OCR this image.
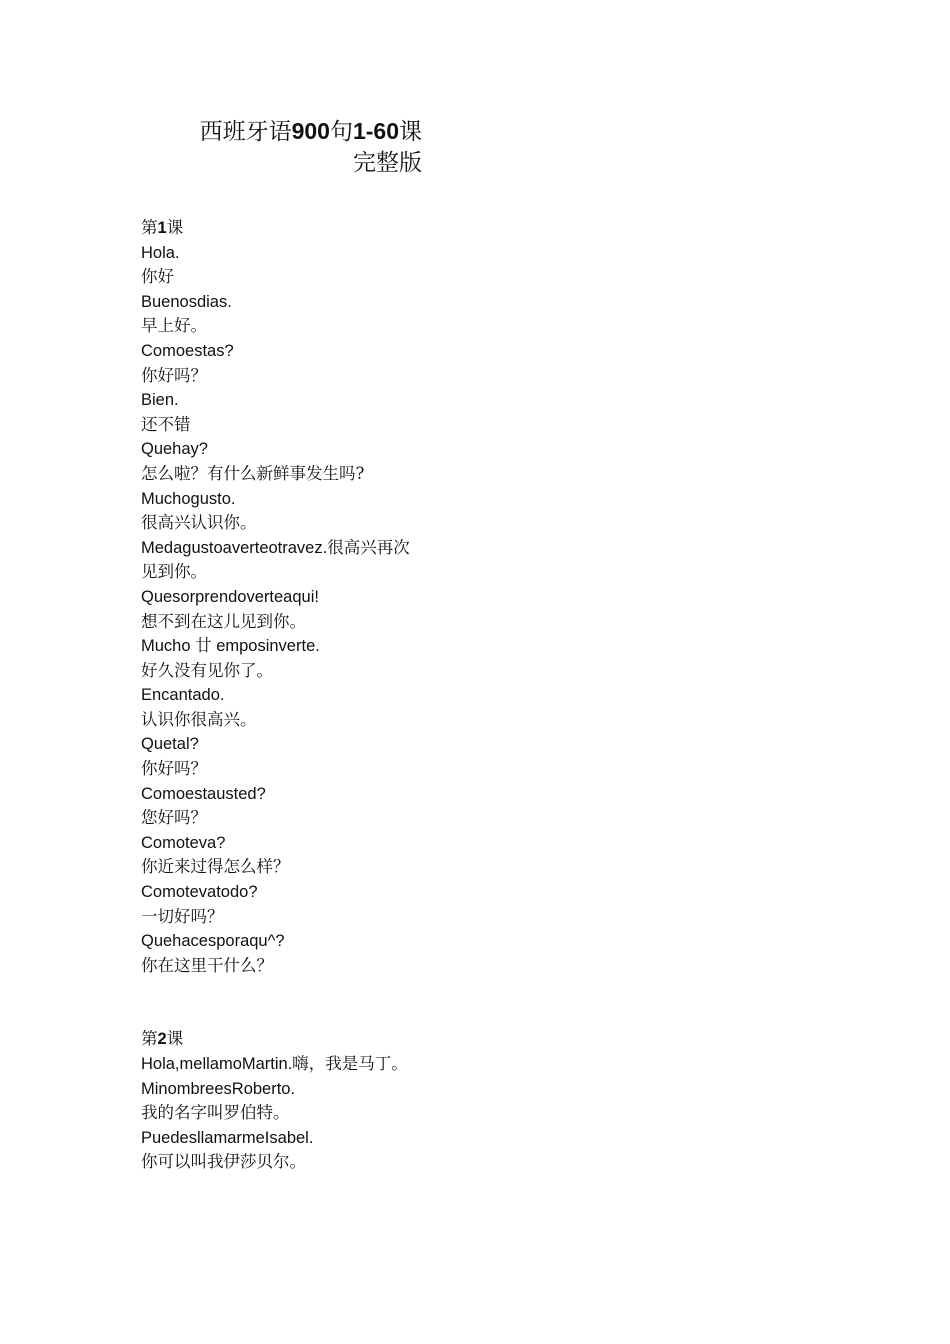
西班牙语900句1-60课
完整版
第1课
Hola.
你好
Buenosdias.
早上好。
Comoestas?
你好吗？
Bien.
还不错
Quehay?
怎么啦？有什么新鲜事发生吗?
Muchogusto.
很高兴认识你。
Medagustoaverteotravez.很高兴再次见到你。
Quesorprendoverteaqui!
想不到在这儿见到你。
Mucho 廿 emposinverte.
好久没有见你了。
Encantado.
认识你很高兴。
Quetal?
你好吗？
Comoestausted?
您好吗？
Comoteva?
你近来过得怎么样？
Comotevatodo?
一切好吗？
Quehacesporaqu^?
你在这里干什么？
第2课
Hola,mellamoMartin.嗨，我是马丁。
MinombreesRoberto.
我的名字叫罗伯特。
PuedesllamarmeIsabel.
你可以叫我伊莎贝尔。
